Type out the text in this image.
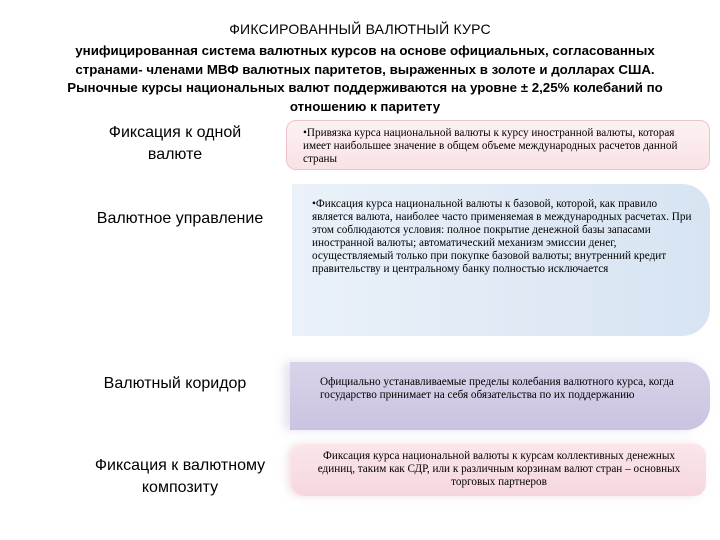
ФИКСИРОВАННЫЙ ВАЛЮТНЫЙ КУРС
унифицированная система валютных курсов на основе официальных, согласованных странами- членами МВФ валютных паритетов, выраженных в золоте и долларах США. Рыночные курсы национальных валют поддерживаются на уровне ± 2,25% колебаний по отношению к паритету
Фиксация к одной валюте
•Привязка курса национальной валюты к курсу иностранной валюты, которая имеет наибольшее значение в общем объеме международных расчетов данной страны
Валютное управление
•Фиксация курса национальной валюты к базовой, которой, как правило является валюта, наиболее часто применяемая в международных расчетах. При этом соблюдаются условия: полное покрытие денежной базы запасами иностранной валюты; автоматический механизм эмиссии денег, осуществляемый только при покупке базовой валюты; внутренний кредит правительству и центральному банку полностью исключается
Валютный коридор	Официально устанавливаемые пределы колебания валютного курса, когда государство принимает на себя обязательства по их поддержанию
Фиксация к валютному композиту
Фиксация курса национальной валюты к курсам коллективных денежных единиц, таким как СДР, или к различным корзинам валют стран – основных торговых партнеров
